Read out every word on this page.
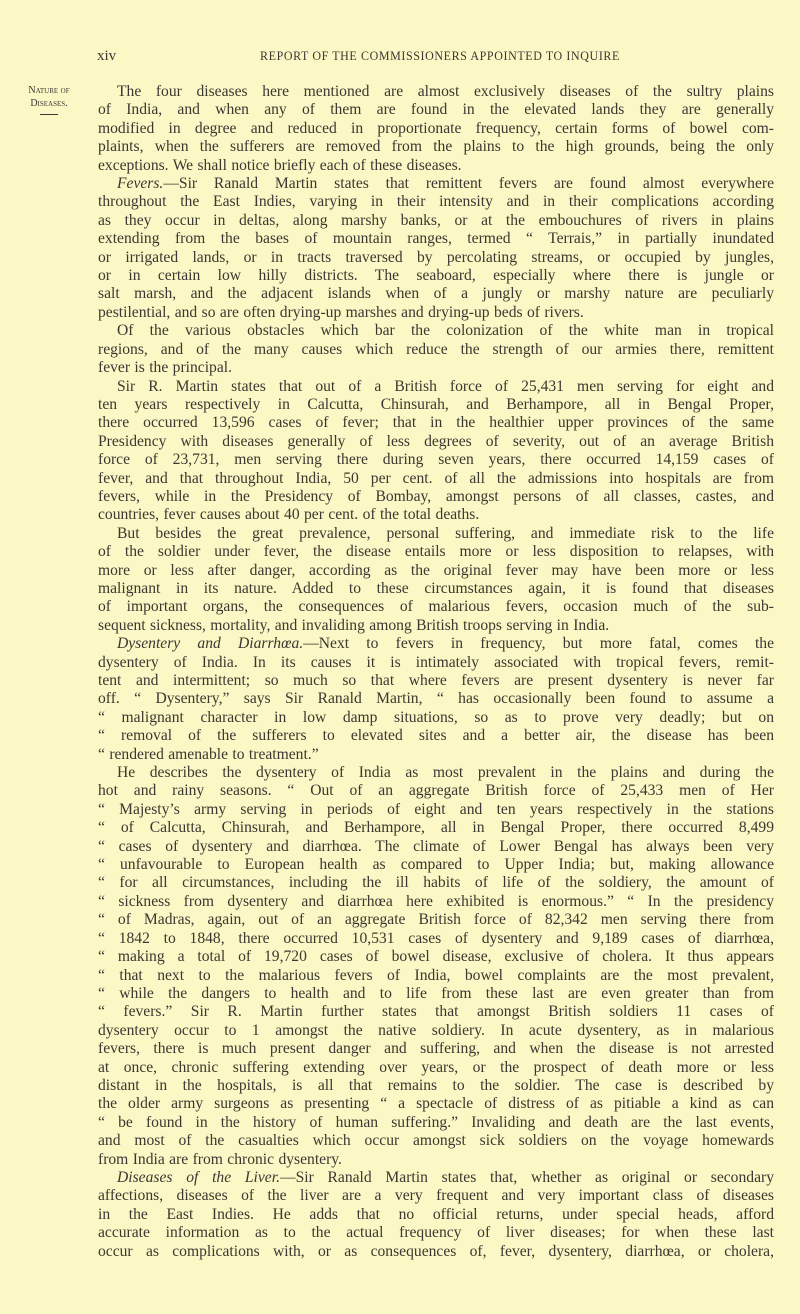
xiv	REPORT OF THE COMMISSIONERS APPOINTED TO INQUIRE
Nature of
Diseases.
The four diseases here mentioned are almost exclusively diseases of the sultry plains
of India, and when any of them are found in the elevated lands they are generally
modified in degree and reduced in proportionate frequency, certain forms of bowel com-
plaints, when the sufferers are removed from the plains to the high grounds, being the only
exceptions. We shall notice briefly each of these diseases.
Fevers.—Sir Ranald Martin states that remittent fevers are found almost everywhere
throughout the East Indies, varying in their intensity and in their complications according
as they occur in deltas, along marshy banks, or at the embouchures of rivers in plains
extending from the bases of mountain ranges, termed “ Terrais,” in partially inundated
or irrigated lands, or in tracts traversed by percolating streams, or occupied by jungles,
or in certain low hilly districts. The seaboard, especially where there is jungle or
salt marsh, and the adjacent islands when of a jungly or marshy nature are peculiarly
pestilential, and so are often drying-up marshes and drying-up beds of rivers.
Of the various obstacles which bar the colonization of the white man in tropical
regions, and of the many causes which reduce the strength of our armies there, remittent
fever is the principal.
Sir R. Martin states that out of a British force of 25,431 men serving for eight and
ten years respectively in Calcutta, Chinsurah, and Berhampore, all in Bengal Proper,
there occurred 13,596 cases of fever; that in the healthier upper provinces of the same
Presidency with diseases generally of less degrees of severity, out of an average British
force of 23,731, men serving there during seven years, there occurred 14,159 cases of
fever, and that throughout India, 50 per cent. of all the admissions into hospitals are from
fevers, while in the Presidency of Bombay, amongst persons of all classes, castes, and
countries, fever causes about 40 per cent. of the total deaths.
But besides the great prevalence, personal suffering, and immediate risk to the life
of the soldier under fever, the disease entails more or less disposition to relapses, with
more or less after danger, according as the original fever may have been more or less
malignant in its nature. Added to these circumstances again, it is found that diseases
of important organs, the consequences of malarious fevers, occasion much of the sub-
sequent sickness, mortality, and invaliding among British troops serving in India.
Dysentery and Diarrhœa.—Next to fevers in frequency, but more fatal, comes the
dysentery of India. In its causes it is intimately associated with tropical fevers, remit-
tent and intermittent; so much so that where fevers are present dysentery is never far
off. “ Dysentery,” says Sir Ranald Martin, “ has occasionally been found to assume a
“ malignant character in low damp situations, so as to prove very deadly; but on
“ removal of the sufferers to elevated sites and a better air, the disease has been
“ rendered amenable to treatment.”
He describes the dysentery of India as most prevalent in the plains and during the
hot and rainy seasons. “ Out of an aggregate British force of 25,433 men of Her
“ Majesty’s army serving in periods of eight and ten years respectively in the stations
“ of Calcutta, Chinsurah, and Berhampore, all in Bengal Proper, there occurred 8,499
“ cases of dysentery and diarrhœa. The climate of Lower Bengal has always been very
“ unfavourable to European health as compared to Upper India; but, making allowance
“ for all circumstances, including the ill habits of life of the soldiery, the amount of
“ sickness from dysentery and diarrhœa here exhibited is enormous.” “ In the presidency
“ of Madras, again, out of an aggregate British force of 82,342 men serving there from
“ 1842 to 1848, there occurred 10,531 cases of dysentery and 9,189 cases of diarrhœa,
“ making a total of 19,720 cases of bowel disease, exclusive of cholera. It thus appears
“ that next to the malarious fevers of India, bowel complaints are the most prevalent,
“ while the dangers to health and to life from these last are even greater than from
“ fevers.” Sir R. Martin further states that amongst British soldiers 11 cases of
dysentery occur to 1 amongst the native soldiery. In acute dysentery, as in malarious
fevers, there is much present danger and suffering, and when the disease is not arrested
at once, chronic suffering extending over years, or the prospect of death more or less
distant in the hospitals, is all that remains to the soldier. The case is described by
the older army surgeons as presenting “ a spectacle of distress of as pitiable a kind as can
“ be found in the history of human suffering.” Invaliding and death are the last events,
and most of the casualties which occur amongst sick soldiers on the voyage homewards
from India are from chronic dysentery.
Diseases of the Liver.—Sir Ranald Martin states that, whether as original or secondary
affections, diseases of the liver are a very frequent and very important class of diseases
in the East Indies. He adds that no official returns, under special heads, afford
accurate information as to the actual frequency of liver diseases; for when these last
occur as complications with, or as consequences of, fever, dysentery, diarrhœa, or cholera,
